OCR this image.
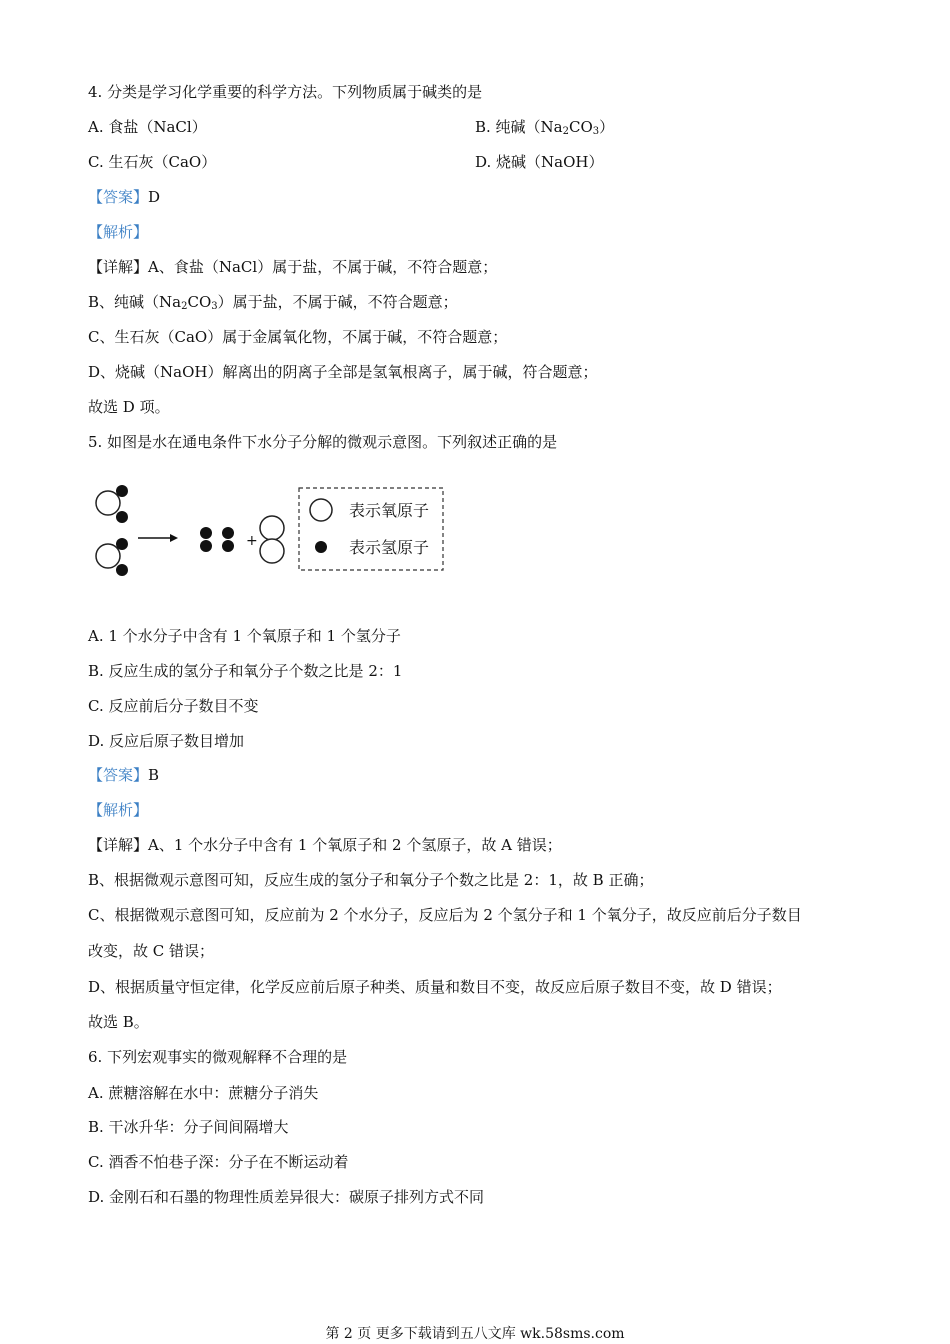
4. 分类是学习化学重要的科学方法。下列物质属于碱类的是
A. 食盐（NaCl）	B. 纯碱$(Na_2CO_3)$
C. 生石灰（CaO）	D. 烧碱（NaOH）
【答案】D
【解析】
【详解】A、食盐（NaCl）属于盐，不属于碱，不符合题意；
B、纯碱$(Na_2CO_3)$属于盐，不属于碱，不符合题意；
C、生石灰（CaO）属于金属氧化物，不属于碱，不符合题意；
D、烧碱（NaOH）解离出的阴离子全部是氢氧根离子，属于碱，符合题意；
故选 D 项。
5. 如图是水在通电条件下水分子分解的微观示意图。下列叙述正确的是
+
表示氧原子
表示氢原子
A. 1 个水分子中含有 1 个氧原子和 1 个氢分子
B. 反应生成的氢分子和氧分子个数之比是 2：1
C. 反应前后分子数目不变
D. 反应后原子数目增加
【答案】B
【解析】
【详解】A、1 个水分子中含有 1 个氧原子和 2 个氢原子，故 A 错误；
B、根据微观示意图可知，反应生成的氢分子和氧分子个数之比是 2：1，故 B 正确；
C、根据微观示意图可知，反应前为 2 个水分子，反应后为 2 个氢分子和 1 个氧分子，故反应前后分子数目
改变，故 C 错误；
D、根据质量守恒定律，化学反应前后原子种类、质量和数目不变，故反应后原子数目不变，故 D 错误；
故选 B。
6. 下列宏观事实的微观解释不合理的是
A. 蔗糖溶解在水中：蔗糖分子消失
B. 干冰升华：分子间间隔增大
C. 酒香不怕巷子深：分子在不断运动着
D. 金刚石和石墨的物理性质差异很大：碳原子排列方式不同
第 2 页 更多下载请到五八文库 wk.58sms.com
